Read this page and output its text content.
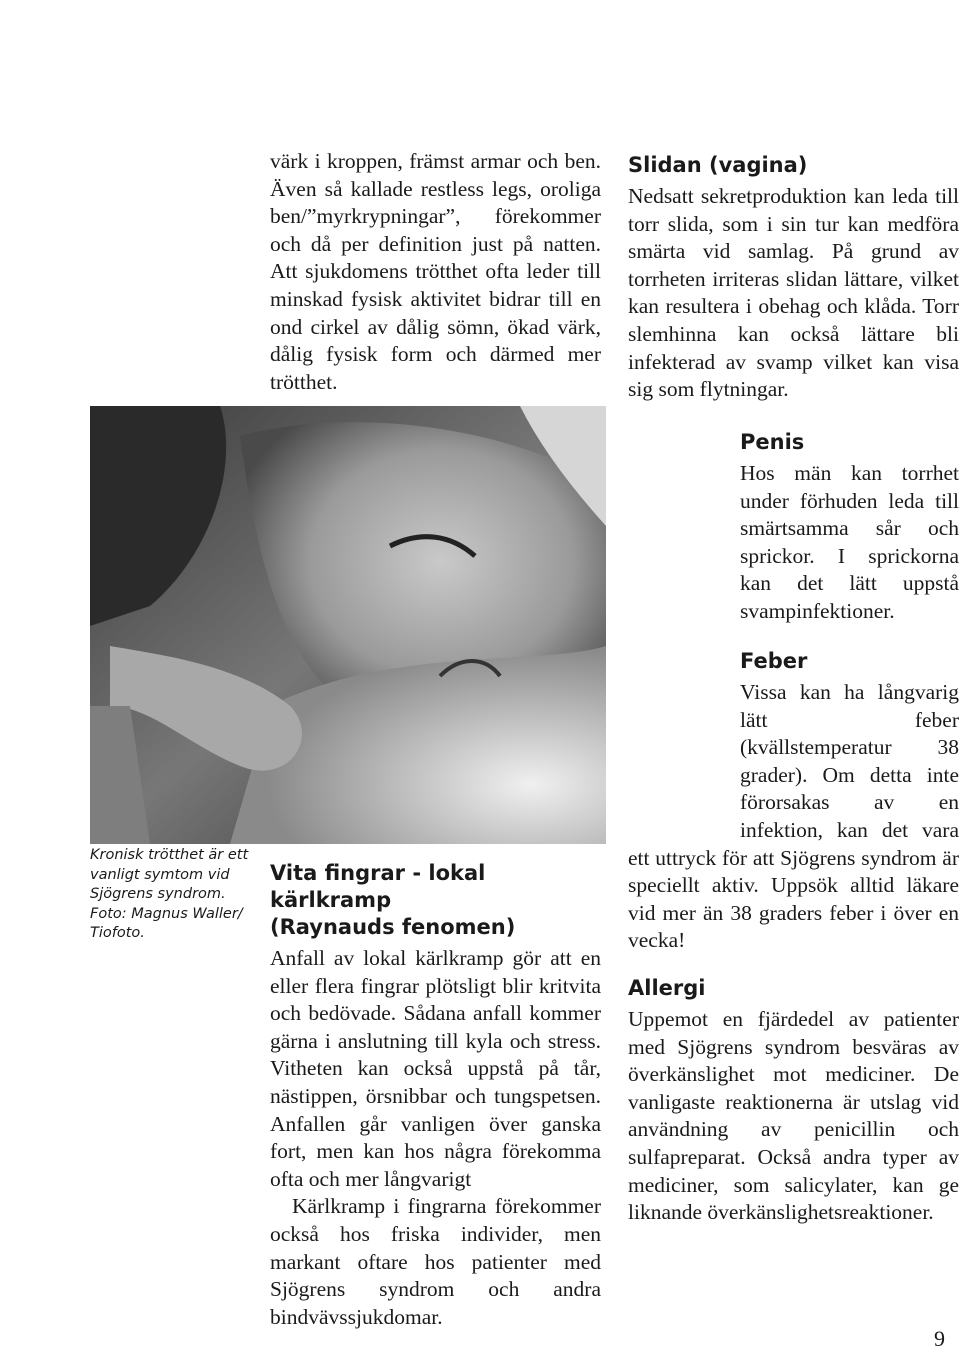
värk i kroppen, främst armar och ben. Även så kallade restless legs, oroliga ben/”myrkrypningar”, förekommer och då per definition just på natten. Att sjukdomens trötthet ofta leder till minskad fysisk aktivitet bidrar till en ond cirkel av dålig sömn, ökad värk, dålig fysisk form och därmed mer trötthet.

Slidan (vagina)

Nedsatt sekretproduktion kan leda till torr slida, som i sin tur kan medföra smärta vid samlag. På grund av torrheten irriteras slidan lättare, vilket kan resultera i obehag och klåda. Torr slemhinna kan också lättare bli infekterad av svamp vilket kan visa sig som flytningar.

Kronisk trötthet är ett vanligt symtom vid Sjögrens syndrom. Foto: Magnus Waller/ Tiofoto.
Penis

Hos män kan torrhet under förhuden leda till smärtsamma sår och sprickor. I sprickorna kan det lätt uppstå svampinfektioner.

Feber

Vissa kan ha långvarig lätt feber (kvällstemperatur 38 grader). Om detta inte förorsakas av en infektion, kan det vara ett uttryck för att Sjögrens syndrom är speciellt aktiv. Uppsök alltid läkare vid mer än 38 graders feber i över en vecka!

Allergi

Uppemot en fjärdedel av patienter med Sjögrens syndrom besväras av överkänslighet mot mediciner. De vanligaste reaktionerna är utslag vid användning av penicillin och sulfapreparat. Också andra typer av mediciner, som salicylater, kan ge liknande överkänslighetsreaktioner.

Vita fingrar - lokal kärlkramp
(Raynauds fenomen)

Anfall av lokal kärlkramp gör att en eller flera fingrar plötsligt blir kritvita och bedövade. Sådana anfall kommer gärna i anslutning till kyla och stress. Vitheten kan också uppstå på tår, nästippen, örsnibbar och tungspetsen. Anfallen går vanligen över ganska fort, men kan hos några förekomma ofta och mer långvarigt

Kärlkramp i fingrarna förekommer också hos friska individer, men markant oftare hos patienter med Sjögrens syndrom och andra bindvävssjukdomar.

9
